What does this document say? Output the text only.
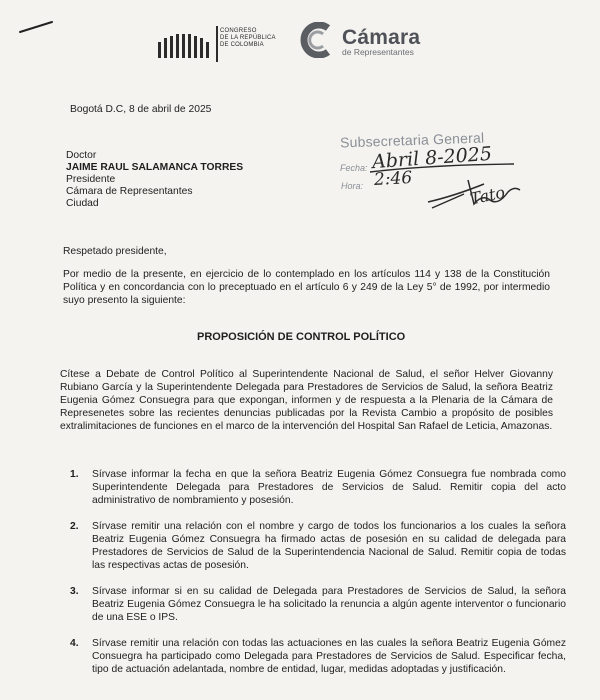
CONGRESO
DE LA REPÚBLICA
DE COLOMBIA	Cámara
de Representantes
Bogotá D.C, 8 de abril de 2025
Doctor
JAIME RAUL SALAMANCA TORRES
Presidente
Cámara de Representantes
Ciudad
Subsecretaria General
Fecha:
Hora:
Abril 8-2025
2:46
Tato
Respetado presidente,
Por medio de la presente, en ejercicio de lo contemplado en los artículos 114 y 138 de la Constitución Política y en concordancia con lo preceptuado en el artículo 6 y 249 de la Ley 5° de 1992, por intermedio suyo presento la siguiente:
PROPOSICIÓN DE CONTROL POLÍTICO
Cítese a Debate de Control Político al Superintendente Nacional de Salud, el señor Helver Giovanny Rubiano García y la Superintendente Delegada para Prestadores de Servicios de Salud, la señora Beatriz Eugenia Gómez Consuegra para que expongan, informen y de respuesta a la Plenaria de la Cámara de Represenetes sobre las recientes denuncias publicadas por la Revista Cambio a propósito de posibles extralimitaciones de funciones en el marco de la intervención del Hospital San Rafael de Leticia, Amazonas.
1. Sírvase informar la fecha en que la señora Beatriz Eugenia Gómez Consuegra fue nombrada como Superintendente Delegada para Prestadores de Servicios de Salud. Remitir copia del acto administrativo de nombramiento y posesión.
2. Sírvase remitir una relación con el nombre y cargo de todos los funcionarios a los cuales la señora Beatriz Eugenia Gómez Consuegra ha firmado actas de posesión en su calidad de delegada para Prestadores de Servicios de Salud de la Superintendencia Nacional de Salud. Remitir copia de todas las respectivas actas de posesión.
3. Sírvase informar si en su calidad de Delegada para Prestadores de Servicios de Salud, la señora Beatriz Eugenia Gómez Consuegra le ha solicitado la renuncia a algún agente interventor o funcionario de una ESE o IPS.
4. Sírvase remitir una relación con todas las actuaciones en las cuales la señora Beatriz Eugenia Gómez Consuegra ha participado como Delegada para Prestadores de Servicios de Salud. Especificar fecha, tipo de actuación adelantada, nombre de entidad, lugar, medidas adoptadas y justificación.
